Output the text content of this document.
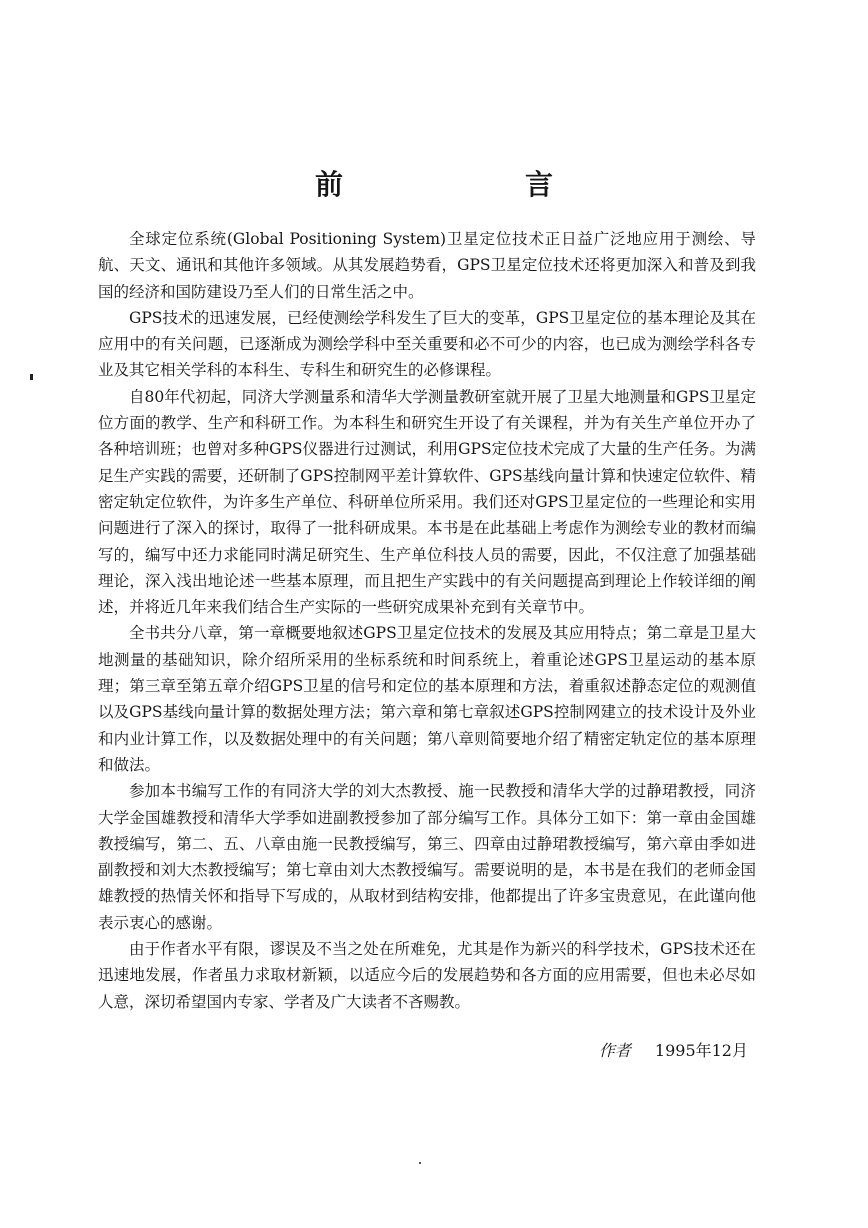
前　　言

全球定位系统(Global Positioning System)卫星定位技术正日益广泛地应用于测绘、导航、天文、通讯和其他许多领域。从其发展趋势看，GPS卫星定位技术还将更加深入和普及到我国的经济和国防建设乃至人们的日常生活之中。

GPS技术的迅速发展，已经使测绘学科发生了巨大的变革，GPS卫星定位的基本理论及其在应用中的有关问题，已逐渐成为测绘学科中至关重要和必不可少的内容，也已成为测绘学科各专业及其它相关学科的本科生、专科生和研究生的必修课程。

自80年代初起，同济大学测量系和清华大学测量教研室就开展了卫星大地测量和GPS卫星定位方面的教学、生产和科研工作。为本科生和研究生开设了有关课程，并为有关生产单位开办了各种培训班；也曾对多种GPS仪器进行过测试，利用GPS定位技术完成了大量的生产任务。为满足生产实践的需要，还研制了GPS控制网平差计算软件、GPS基线向量计算和快速定位软件、精密定轨定位软件，为许多生产单位、科研单位所采用。我们还对GPS卫星定位的一些理论和实用问题进行了深入的探讨，取得了一批科研成果。本书是在此基础上考虑作为测绘专业的教材而编写的，编写中还力求能同时满足研究生、生产单位科技人员的需要，因此，不仅注意了加强基础理论，深入浅出地论述一些基本原理，而且把生产实践中的有关问题提高到理论上作较详细的阐述，并将近几年来我们结合生产实际的一些研究成果补充到有关章节中。

全书共分八章，第一章概要地叙述GPS卫星定位技术的发展及其应用特点；第二章是卫星大地测量的基础知识，除介绍所采用的坐标系统和时间系统上，着重论述GPS卫星运动的基本原理；第三章至第五章介绍GPS卫星的信号和定位的基本原理和方法，着重叙述静态定位的观测值以及GPS基线向量计算的数据处理方法；第六章和第七章叙述GPS控制网建立的技术设计及外业和内业计算工作，以及数据处理中的有关问题；第八章则简要地介绍了精密定轨定位的基本原理和做法。

参加本书编写工作的有同济大学的刘大杰教授、施一民教授和清华大学的过静珺教授，同济大学金国雄教授和清华大学季如进副教授参加了部分编写工作。具体分工如下：第一章由金国雄教授编写，第二、五、八章由施一民教授编写，第三、四章由过静珺教授编写，第六章由季如进副教授和刘大杰教授编写；第七章由刘大杰教授编写。需要说明的是，本书是在我们的老师金国雄教授的热情关怀和指导下写成的，从取材到结构安排，他都提出了许多宝贵意见，在此谨向他表示衷心的感谢。

由于作者水平有限，谬误及不当之处在所难免，尤其是作为新兴的科学技术，GPS技术还在迅速地发展，作者虽力求取材新颖，以适应今后的发展趋势和各方面的应用需要，但也未必尽如人意，深切希望国内专家、学者及广大读者不吝赐教。

作者 1995年12月
